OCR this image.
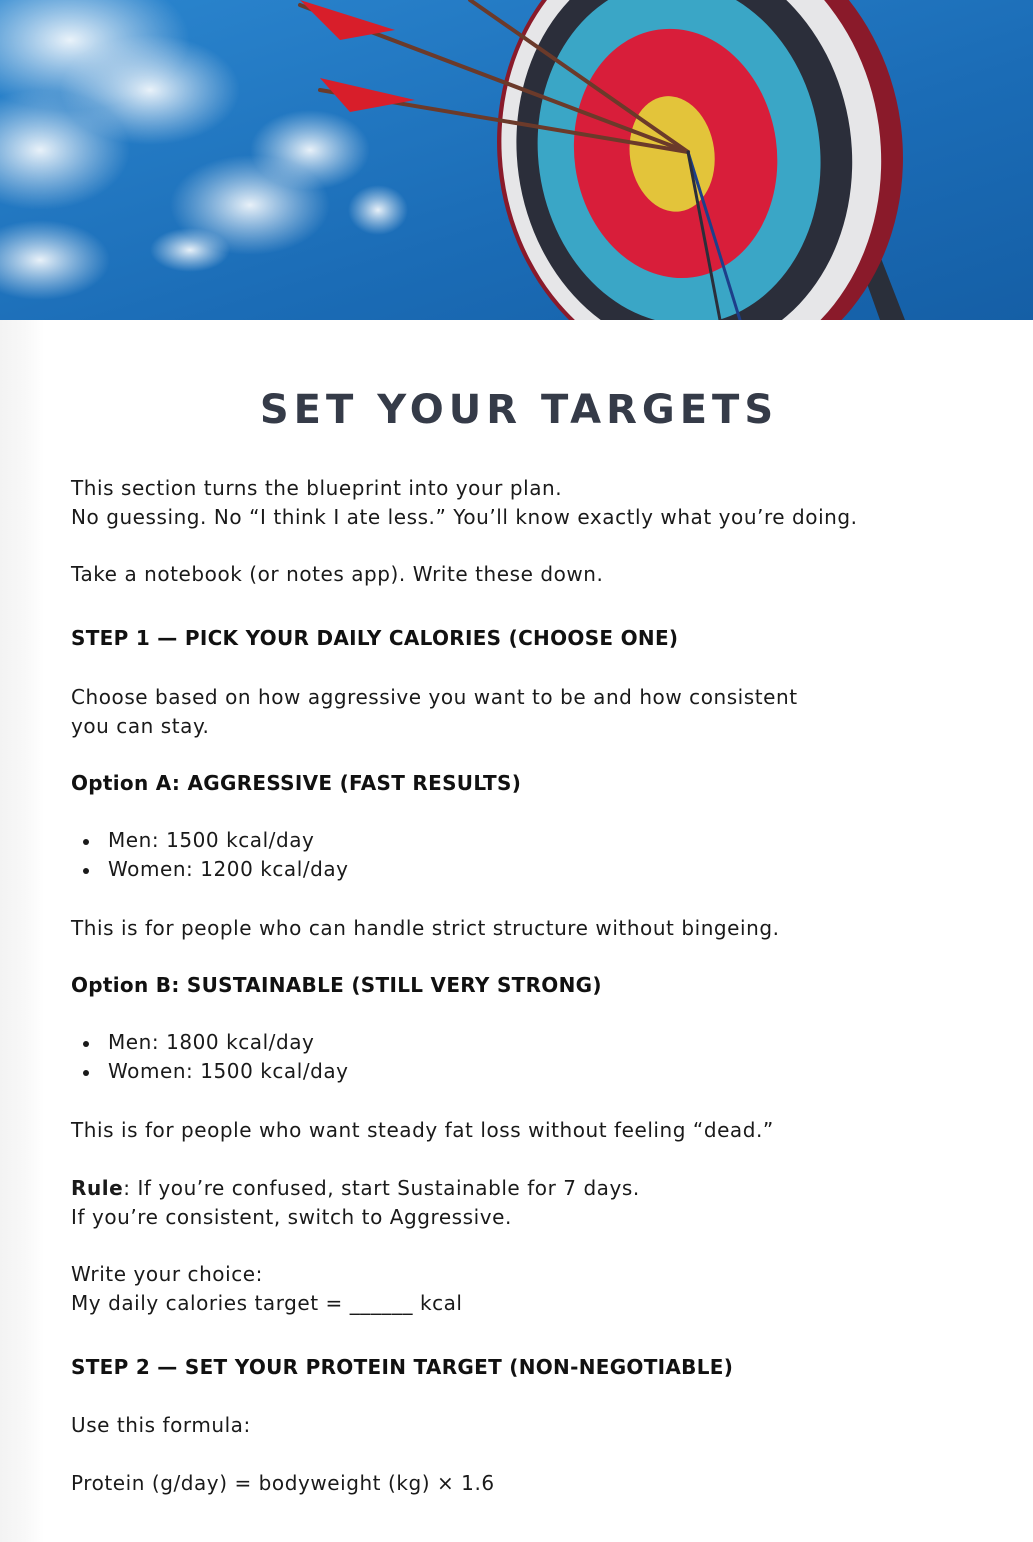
SET YOUR TARGETS
This section turns the blueprint into your plan.
No guessing. No “I think I ate less.” You’ll know exactly what you’re doing.
Take a notebook (or notes app). Write these down.
STEP 1 — PICK YOUR DAILY CALORIES (CHOOSE ONE)
Choose based on how aggressive you want to be and how consistent
you can stay.
Option A: AGGRESSIVE (FAST RESULTS)
Men: 1500 kcal/day
Women: 1200 kcal/day
This is for people who can handle strict structure without bingeing.
Option B: SUSTAINABLE (STILL VERY STRONG)
Men: 1800 kcal/day
Women: 1500 kcal/day
This is for people who want steady fat loss without feeling “dead.”
Rule: If you’re confused, start Sustainable for 7 days.
If you’re consistent, switch to Aggressive.
Write your choice:
My daily calories target = ______ kcal
STEP 2 — SET YOUR PROTEIN TARGET (NON-NEGOTIABLE)
Use this formula:
Protein (g/day) = bodyweight (kg) × 1.6
